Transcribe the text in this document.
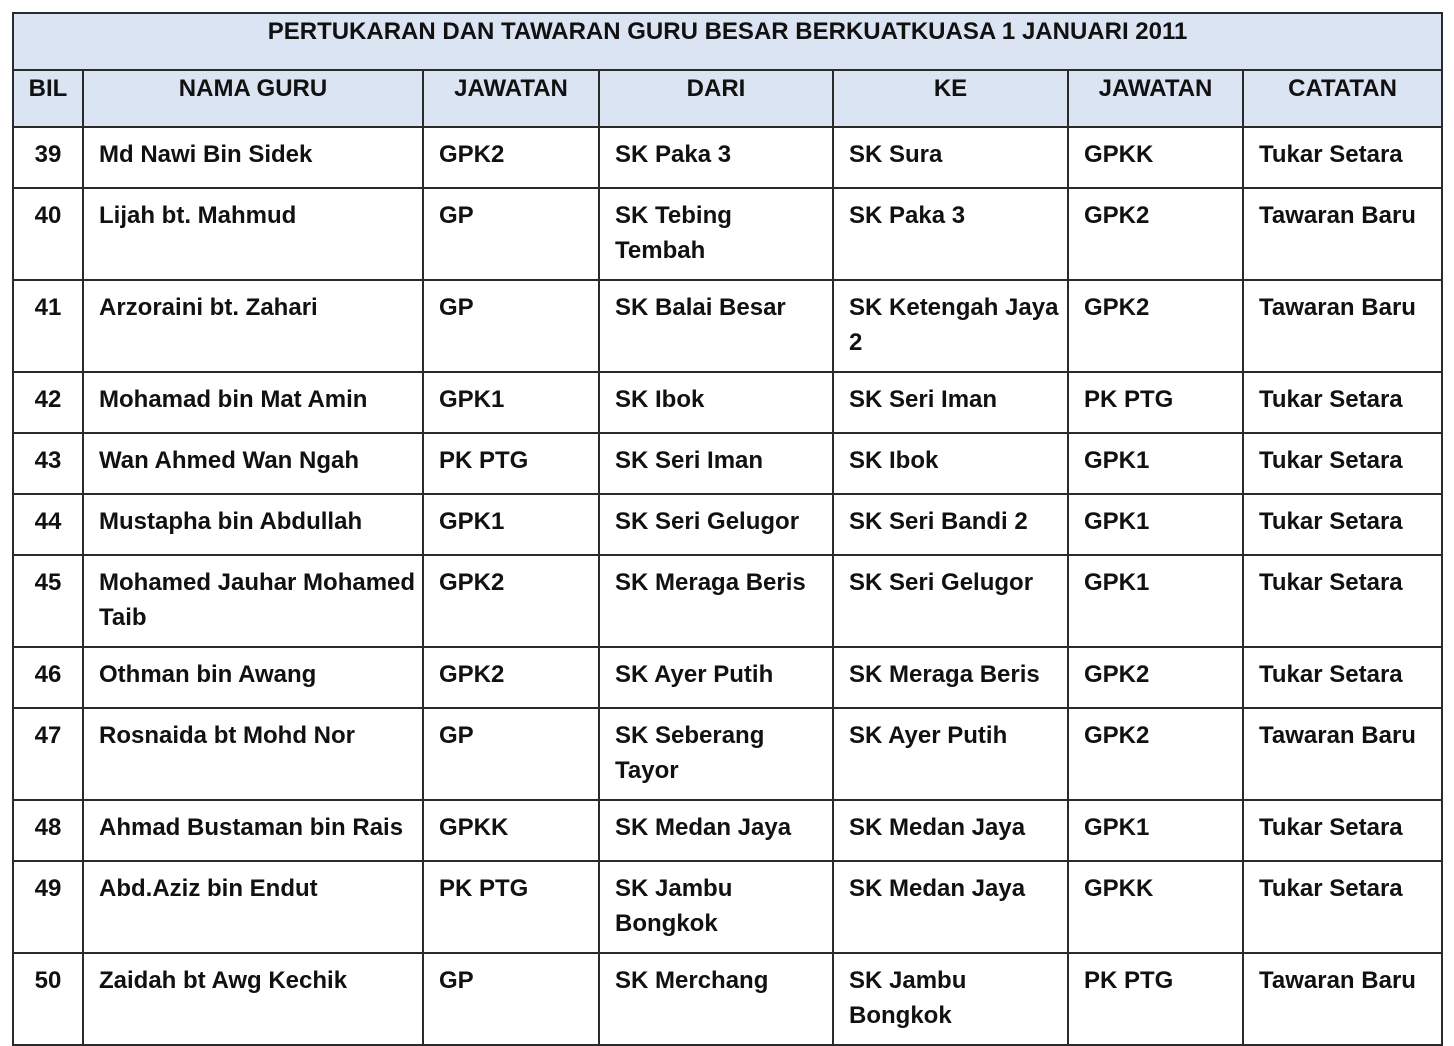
PERTUKARAN DAN TAWARAN GURU BESAR BERKUATKUASA 1 JANUARI 2011						
BIL	NAMA GURU	JAWATAN	DARI	KE	JAWATAN	CATATAN
39	Md Nawi Bin Sidek	GPK2	SK Paka 3	SK Sura	GPKK	Tukar Setara
40	Lijah bt. Mahmud	GP	SK Tebing Tembah	SK Paka 3	GPK2	Tawaran Baru
41	Arzoraini bt. Zahari	GP	SK Balai Besar	SK Ketengah Jaya 2	GPK2	Tawaran Baru
42	Mohamad bin Mat Amin	GPK1	SK Ibok	SK Seri Iman	PK PTG	Tukar Setara
43	Wan Ahmed Wan Ngah	PK PTG	SK Seri Iman	SK Ibok	GPK1	Tukar Setara
44	Mustapha bin Abdullah	GPK1	SK Seri Gelugor	SK Seri Bandi 2	GPK1	Tukar Setara
45	Mohamed Jauhar Mohamed Taib	GPK2	SK Meraga Beris	SK Seri Gelugor	GPK1	Tukar Setara
46	Othman bin Awang	GPK2	SK Ayer Putih	SK Meraga Beris	GPK2	Tukar Setara
47	Rosnaida bt Mohd Nor	GP	SK Seberang Tayor	SK Ayer Putih	GPK2	Tawaran Baru
48	Ahmad Bustaman bin Rais	GPKK	SK Medan Jaya	SK Medan Jaya	GPK1	Tukar Setara
49	Abd.Aziz bin Endut	PK PTG	SK Jambu Bongkok	SK Medan Jaya	GPKK	Tukar Setara
50	Zaidah bt Awg Kechik	GP	SK Merchang	SK Jambu Bongkok	PK PTG	Tawaran Baru
